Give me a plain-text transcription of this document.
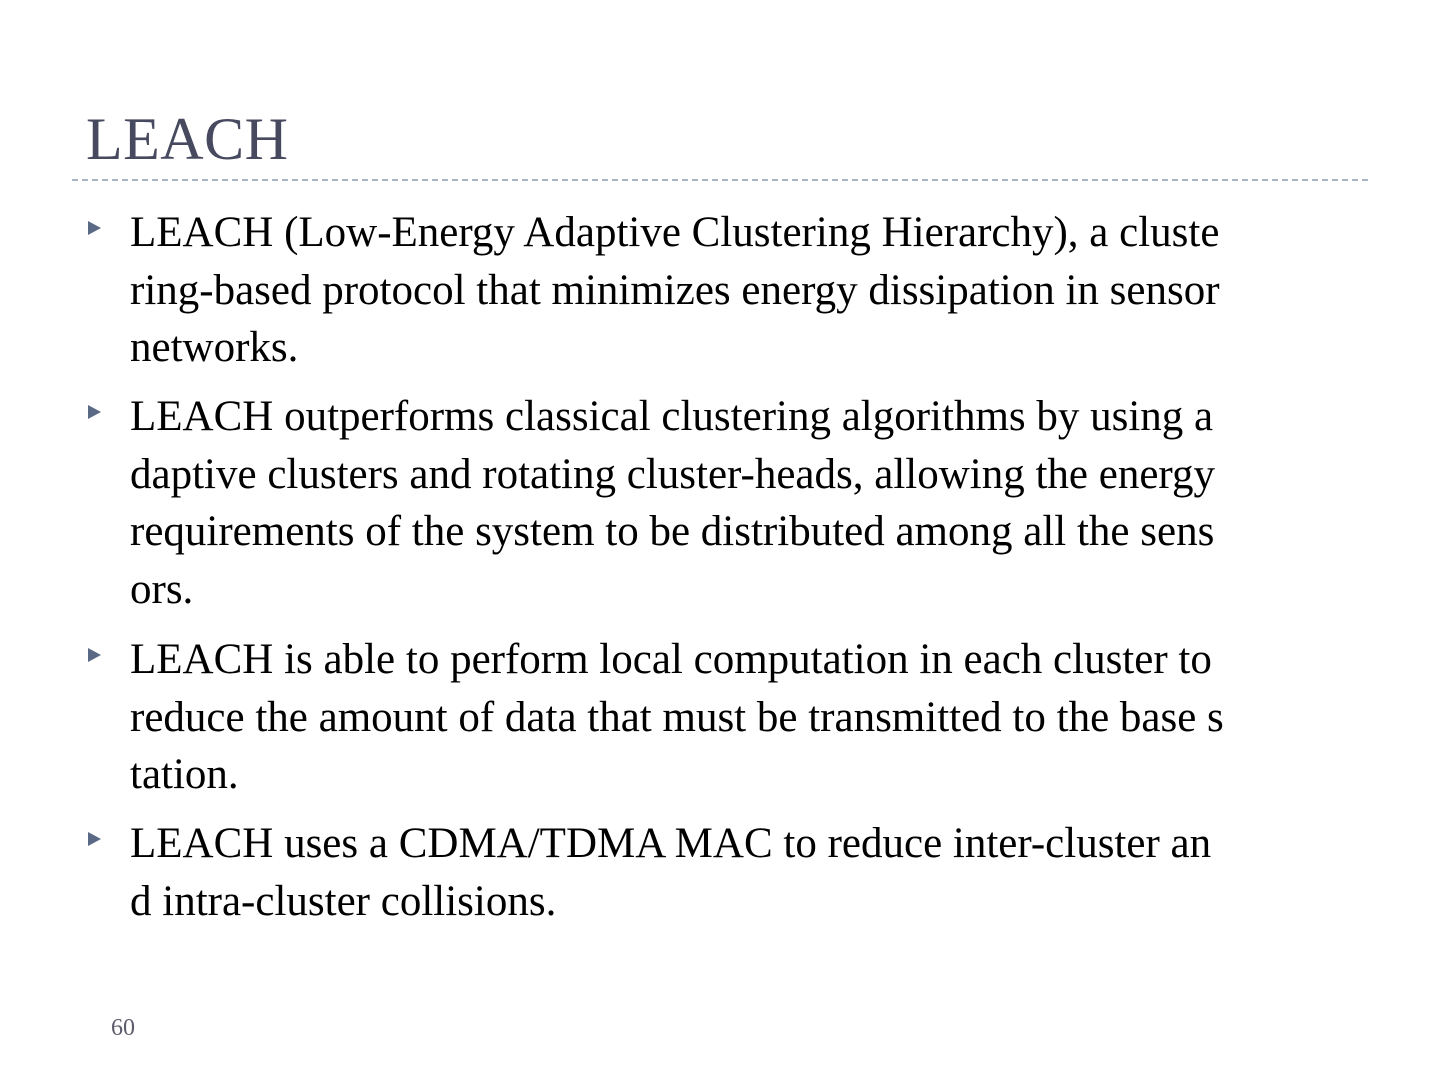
LEACH
LEACH (Low-Energy Adaptive Clustering Hierarchy), a cluste
ring-based protocol that minimizes energy dissipation in sensor
networks.
LEACH outperforms classical clustering algorithms by using a
daptive clusters and rotating cluster-heads, allowing the energy
requirements of the system to be distributed among all the sens
ors.
LEACH is able to perform local computation in each cluster to
reduce the amount of data that must be transmitted to the base s
tation.
LEACH uses a CDMA/TDMA MAC to reduce inter-cluster an
d intra-cluster collisions.
60
